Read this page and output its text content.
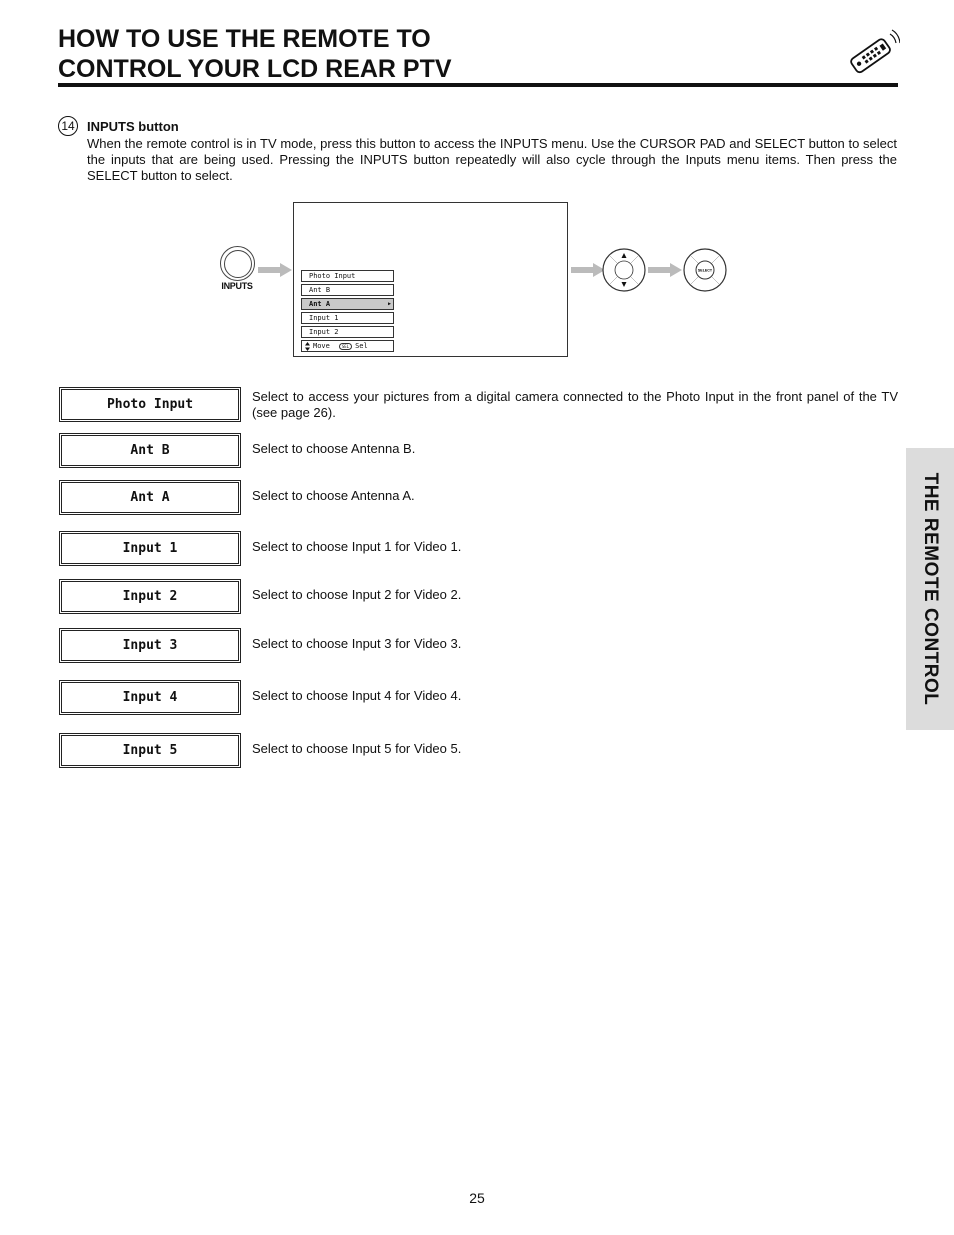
HOW TO USE THE REMOTE TO
CONTROL YOUR LCD REAR PTV
14 INPUTS button
When the remote control is in TV mode, press this button to access the INPUTS menu. Use the CURSOR PAD and SELECT button to select the inputs that are being used. Pressing the INPUTS button repeatedly will also cycle through the Inputs menu items. Then press the SELECT button to select.
INPUTS
Photo Input
Ant B
Ant A ▶
Input 1
Input 2
Move	SEL Sel
SELECT
Photo Input
Select to access your pictures from a digital camera connected to the Photo Input in the front panel of the TV (see page 26).
Ant B	Select to choose Antenna B.
Ant A	Select to choose Antenna A.
Input 1	Select to choose Input 1 for Video 1.
Input 2	Select to choose Input 2 for Video 2.
Input 3	Select to choose Input 3 for Video 3.
Input 4	Select to choose Input 4 for Video 4.
Input 5	Select to choose Input 5 for Video 5.
THE REMOTE CONTROL
25
